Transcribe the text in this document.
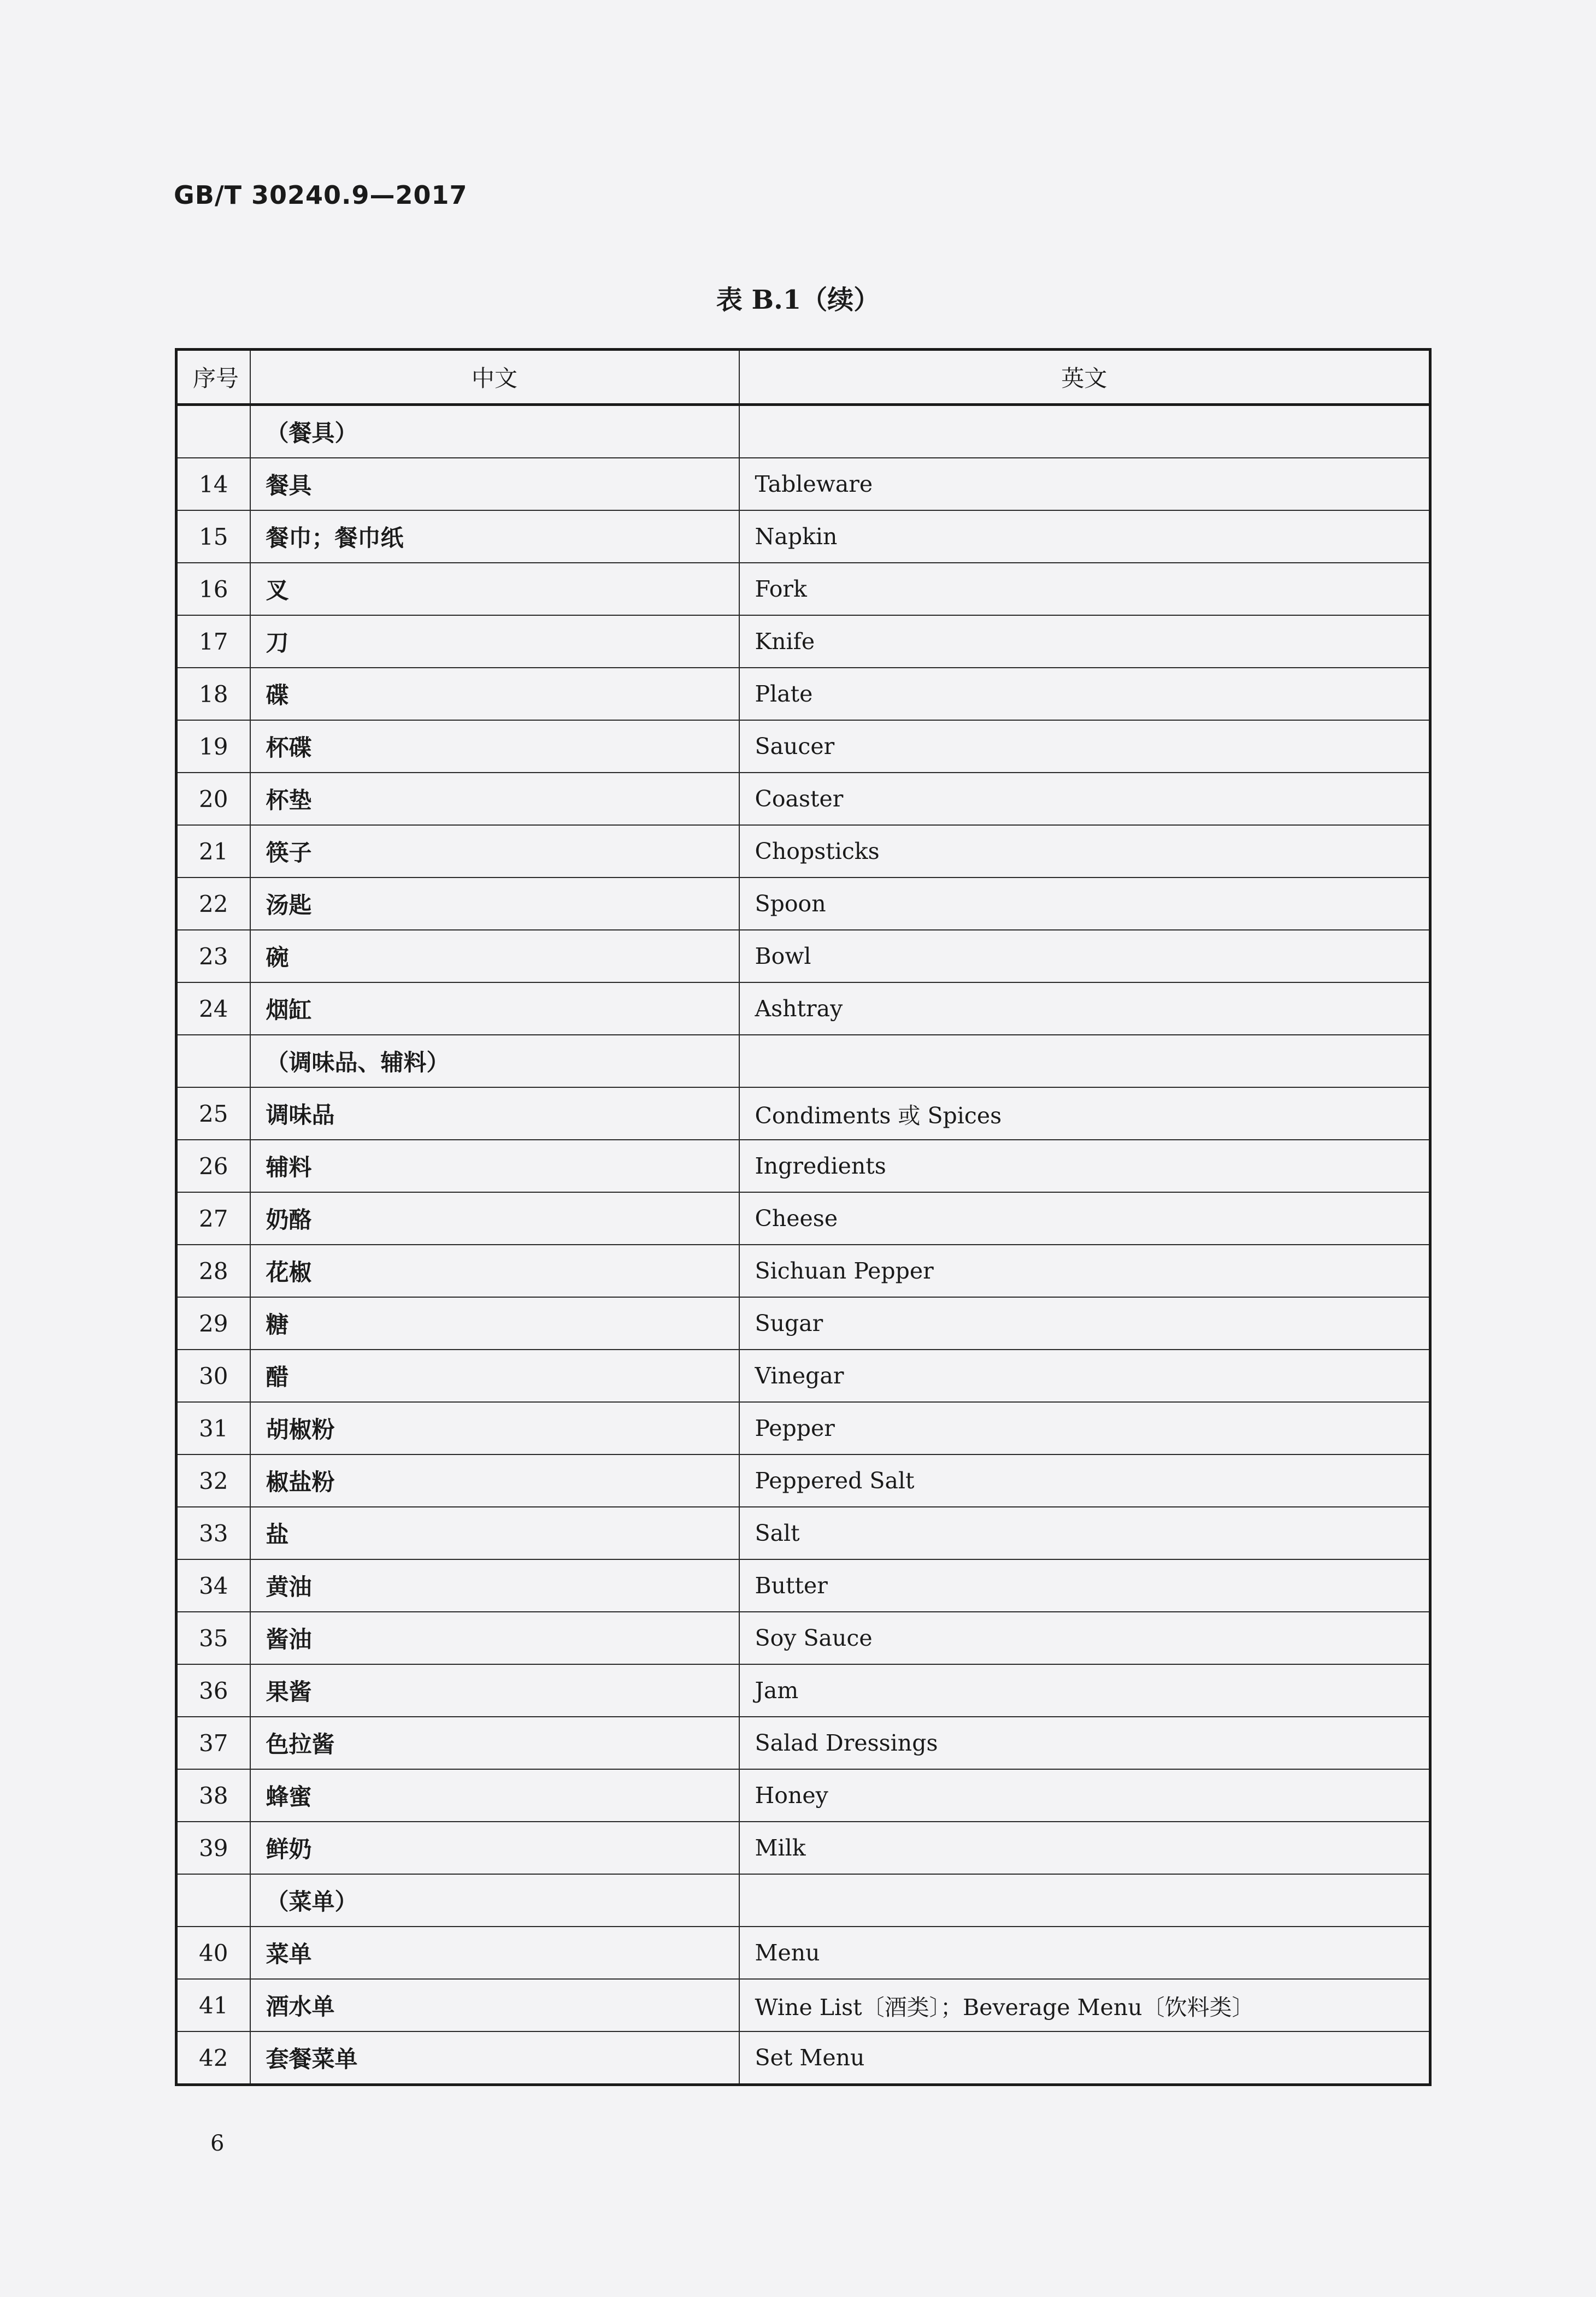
GB/T 30240.9—2017
表 B.1（续）
序号	中文	英文
	（餐具）	
14	餐具	Tableware
15	餐巾；餐巾纸	Napkin
16	叉	Fork
17	刀	Knife
18	碟	Plate
19	杯碟	Saucer
20	杯垫	Coaster
21	筷子	Chopsticks
22	汤匙	Spoon
23	碗	Bowl
24	烟缸	Ashtray
	（调味品、辅料）	
25	调味品	Condiments 或 Spices
26	辅料	Ingredients
27	奶酪	Cheese
28	花椒	Sichuan Pepper
29	糖	Sugar
30	醋	Vinegar
31	胡椒粉	Pepper
32	椒盐粉	Peppered Salt
33	盐	Salt
34	黄油	Butter
35	酱油	Soy Sauce
36	果酱	Jam
37	色拉酱	Salad Dressings
38	蜂蜜	Honey
39	鲜奶	Milk
	（菜单）	
40	菜单	Menu
41	酒水单	Wine List〔酒类〕；Beverage Menu〔饮料类〕
42	套餐菜单	Set Menu
6
